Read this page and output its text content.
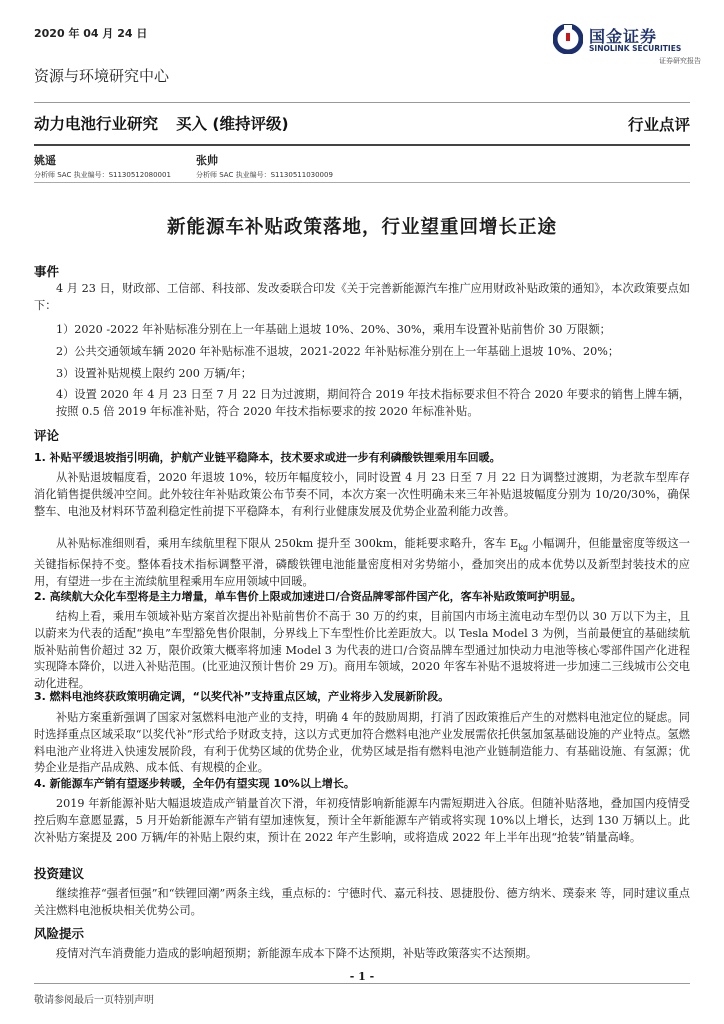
2020 年 04 月 24 日	国金证券
SINOLINK SECURITIES
证券研究报告
资源与环境研究中心
动力电池行业研究 买入 (维持评级)	行业点评
姚遥
分析师 SAC 执业编号：S1130512080001
张帅
分析师 SAC 执业编号：S1130511030009
新能源车补贴政策落地，行业望重回增长正途
事件
4 月 23 日，财政部、工信部、科技部、发改委联合印发《关于完善新能源汽车推广应用财政补贴政策的通知》，本次政策要点如下：
1）2020 -2022 年补贴标准分别在上一年基础上退坡 10%、20%、30%，乘用车设置补贴前售价 30 万限额；
2）公共交通领域车辆 2020 年补贴标准不退坡，2021-2022 年补贴标准分别在上一年基础上退坡 10%、20%；
3）设置补贴规模上限约 200 万辆/年；
4）设置 2020 年 4 月 23 日至 7 月 22 日为过渡期，期间符合 2019 年技术指标要求但不符合 2020 年要求的销售上牌车辆，按照 0.5 倍 2019 年标准补贴，符合 2020 年技术指标要求的按 2020 年标准补贴。
评论
1. 补贴平缓退坡指引明确，护航产业链平稳降本，技术要求或进一步有利磷酸铁锂乘用车回暖。
从补贴退坡幅度看，2020 年退坡 10%，较历年幅度较小，同时设置 4 月 23 日至 7 月 22 日为调整过渡期，为老款车型库存消化销售提供缓冲空间。此外较往年补贴政策公布节奏不同，本次方案一次性明确未来三年补贴退坡幅度分别为 10/20/30%，确保整车、电池及材料环节盈利稳定性前提下平稳降本，有利行业健康发展及优势企业盈利能力改善。
从补贴标准细则看，乘用车续航里程下限从 250km 提升至 300km，能耗要求略升，客车 $E_{kg}$ 小幅调升，但能量密度等级这一关键指标保持不变。整体看技术指标调整平滑，磷酸铁锂电池能量密度相对劣势缩小，叠加突出的成本优势以及新型封装技术的应用，有望进一步在主流续航里程乘用车应用领域中回暖。
2. 高续航大众化车型将是主力增量，单车售价上限或加速进口/合资品牌零部件国产化，客车补贴政策呵护明显。
结构上看，乘用车领域补贴方案首次提出补贴前售价不高于 30 万的约束，目前国内市场主流电动车型仍以 30 万以下为主，且以蔚来为代表的适配“换电”车型豁免售价限制，分界线上下车型性价比差距放大。以 Tesla Model 3 为例，当前最便宜的基础续航版补贴前售价超过 32 万，限价政策大概率将加速 Model 3 为代表的进口/合资品牌车型通过加快动力电池等核心零部件国产化进程实现降本降价，以进入补贴范围。(比亚迪汉预计售价 29 万)。商用车领域，2020 年客车补贴不退坡将进一步加速二三线城市公交电动化进程。
3. 燃料电池终获政策明确定调，“以奖代补”支持重点区域，产业将步入发展新阶段。
补贴方案重新强调了国家对氢燃料电池产业的支持，明确 4 年的鼓励周期，打消了因政策推后产生的对燃料电池定位的疑虑。同时选择重点区域采取“以奖代补”形式给予财政支持，这以方式更加符合燃料电池产业发展需依托供氢加氢基础设施的产业特点。氢燃料电池产业将进入快速发展阶段，有利于优势区域的优势企业，优势区域是指有燃料电池产业链制造能力、有基础设施、有氢源；优势企业是指产品成熟、成本低、有规模的企业。
4. 新能源车产销有望逐步转暖，全年仍有望实现 10%以上增长。
2019 年新能源补贴大幅退坡造成产销量首次下滑，年初疫情影响新能源车内需短期进入谷底。但随补贴落地，叠加国内疫情受控后购车意愿显露，5 月开始新能源车产销有望加速恢复，预计全年新能源车产销或将实现 10%以上增长，达到 130 万辆以上。此次补贴方案提及 200 万辆/年的补贴上限约束，预计在 2022 年产生影响，或将造成 2022 年上半年出现“抢装”销量高峰。
投资建议
继续推荐“强者恒强”和“铁锂回潮”两条主线，重点标的：宁德时代、嘉元科技、恩捷股份、德方纳米、璞泰来 等，同时建议重点关注燃料电池板块相关优势公司。
风险提示
疫情对汽车消费能力造成的影响超预期；新能源车成本下降不达预期，补贴等政策落实不达预期。
- 1 -
敬请参阅最后一页特别声明
